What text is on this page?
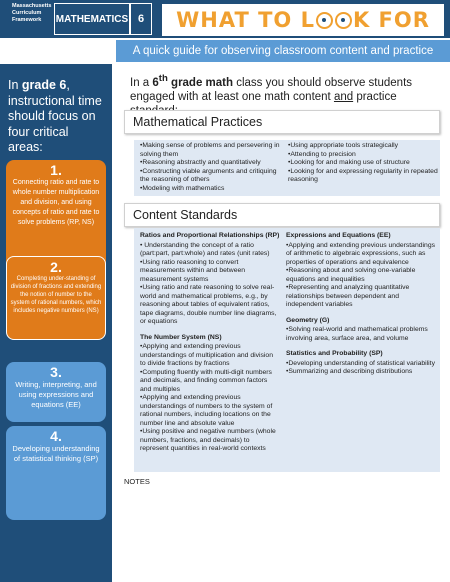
Massachusetts Curriculum Framework	MATHEMATICS 6	WHAT TO L K FOR
A quick guide for observing classroom content and practice
In grade 6, instructional time should focus on four critical areas:
1.
Connecting ratio and rate to whole number multiplication and division, and using concepts of ratio and rate to solve problems (RP, NS)
2.
Completing under-standing of division of fractions and extending the notion of number to the system of rational numbers, which includes negative numbers (NS)
3.
Writing, interpreting, and using expressions and equations (EE)
4.
Developing understanding of statistical thinking (SP)
In a 6th grade math class you should observe students engaged with at least one math content and practice
Mathematical Practices
•Making sense of problems and persevering in solving them
•Reasoning abstractly and quantitatively
•Constructing viable arguments and critiquing the reasoning of others
•Modeling with mathematics
•Using appropriate tools strategically
•Attending to precision
•Looking for and making use of structure
•Looking for and expressing regularity in repeated reasoning
Content Standards
Ratios and Proportional Relationships (RP)
• Understanding the concept of a ratio (part:part, part:whole) and rates (unit rates)
•Using ratio reasoning to convert measurements within and between measurement systems
•Using ratio and rate reasoning to solve real-world and mathematical problems, e.g., by reasoning about tables of equivalent ratios, tape diagrams, double number line diagrams, or equations
The Number System (NS)
•Applying and extending previous understandings of multiplication and division to divide fractions by fractions
•Computing fluently with multi-digit numbers and decimals, and finding common factors and multiples
•Applying and extending previous understandings of numbers to the system of rational numbers, including locations on the number line and absolute value
•Using positive and negative numbers (whole numbers, fractions, and decimals) to represent quantities in real-world contexts
Expressions and Equations (EE)
•Applying and extending previous understandings of arithmetic to algebraic expressions, such as properties of operations and equivalence
•Reasoning about and solving one-variable equations and inequalities
•Representing and analyzing quantitative relationships between dependent and independent variables
Geometry (G)
•Solving real-world and mathematical problems involving area, surface area, and volume
Statistics and Probability (SP)
•Developing understanding of statistical variability
•Summarizing and describing distributions
NOTES
